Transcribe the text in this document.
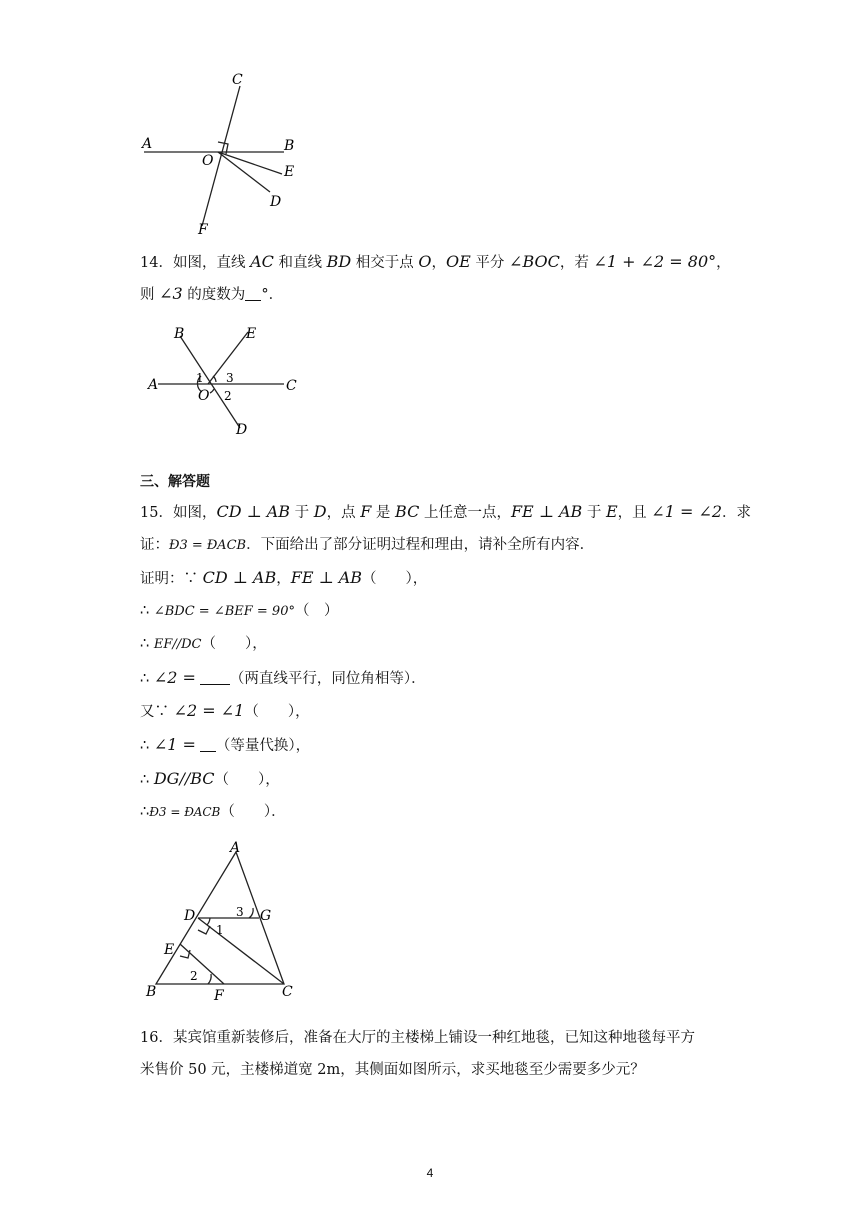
C
A	B
O
E
D
F
14．如图，直线 AC 和直线 BD 相交于点 O，OE 平分 ∠BOC，若 ∠1 + ∠2 = 80°，
则 ∠3 的度数为 °．
B	E
A	C
O
D
1 3
2
三、解答题
15．如图，CD ⊥ AB 于 D，点 F 是 BC 上任意一点，FE ⊥ AB 于 E，且 ∠1 = ∠2．求
证：Ð3 = ÐACB．下面给出了部分证明过程和理由，请补全所有内容．
证明：∵ CD ⊥ AB，FE ⊥ AB（　　），
∴ ∠BDC = ∠BEF = 90°（　）
∴ EF//DC（　　），
∴ ∠2 = （两直线平行，同位角相等）．
又∵ ∠2 = ∠1（　　），
∴ ∠1 = （等量代换），
∴ DG//BC（　　），
∴Ð3 = ÐACB（　　）．
A
D	G
E
B	F	C
3
1
2
16．某宾馆重新装修后，准备在大厅的主楼梯上铺设一种红地毯，已知这种地毯每平方
米售价 50 元，主楼梯道宽 2m，其侧面如图所示，求买地毯至少需要多少元？
4
